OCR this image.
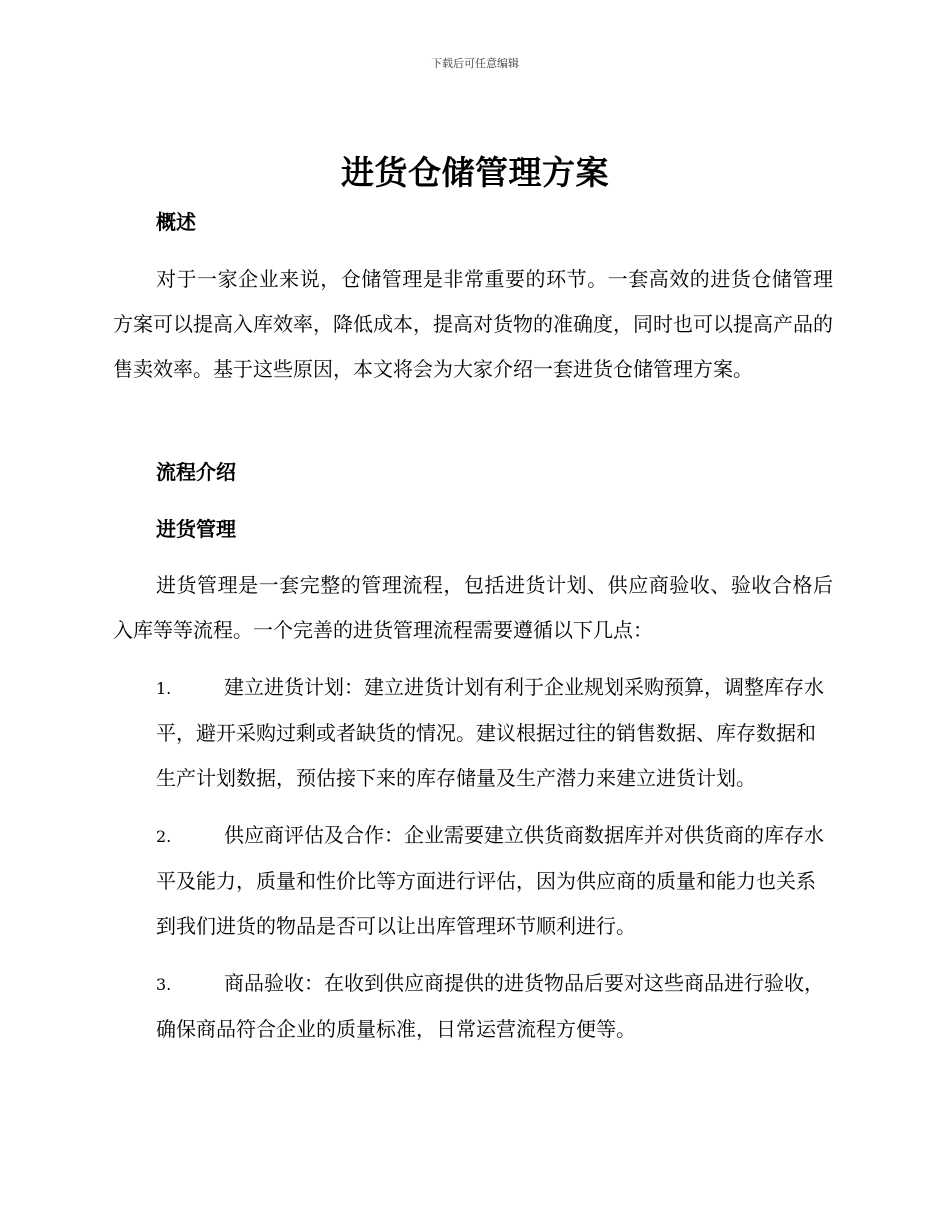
下载后可任意编辑
进货仓储管理方案
概述
对于一家企业来说，仓储管理是非常重要的环节。一套高效的进货仓储管理方案可以提高入库效率，降低成本，提高对货物的准确度，同时也可以提高产品的售卖效率。基于这些原因，本文将会为大家介绍一套进货仓储管理方案。
流程介绍
进货管理
进货管理是一套完整的管理流程，包括进货计划、供应商验收、验收合格后入库等等流程。一个完善的进货管理流程需要遵循以下几点：
1.	建立进货计划：建立进货计划有利于企业规划采购预算，调整库存水平，避开采购过剩或者缺货的情况。建议根据过往的销售数据、库存数据和生产计划数据，预估接下来的库存储量及生产潜力来建立进货计划。
2.	供应商评估及合作：企业需要建立供货商数据库并对供货商的库存水平及能力，质量和性价比等方面进行评估，因为供应商的质量和能力也关系到我们进货的物品是否可以让出库管理环节顺利进行。
3.	商品验收：在收到供应商提供的进货物品后要对这些商品进行验收，确保商品符合企业的质量标准，日常运营流程方便等。
